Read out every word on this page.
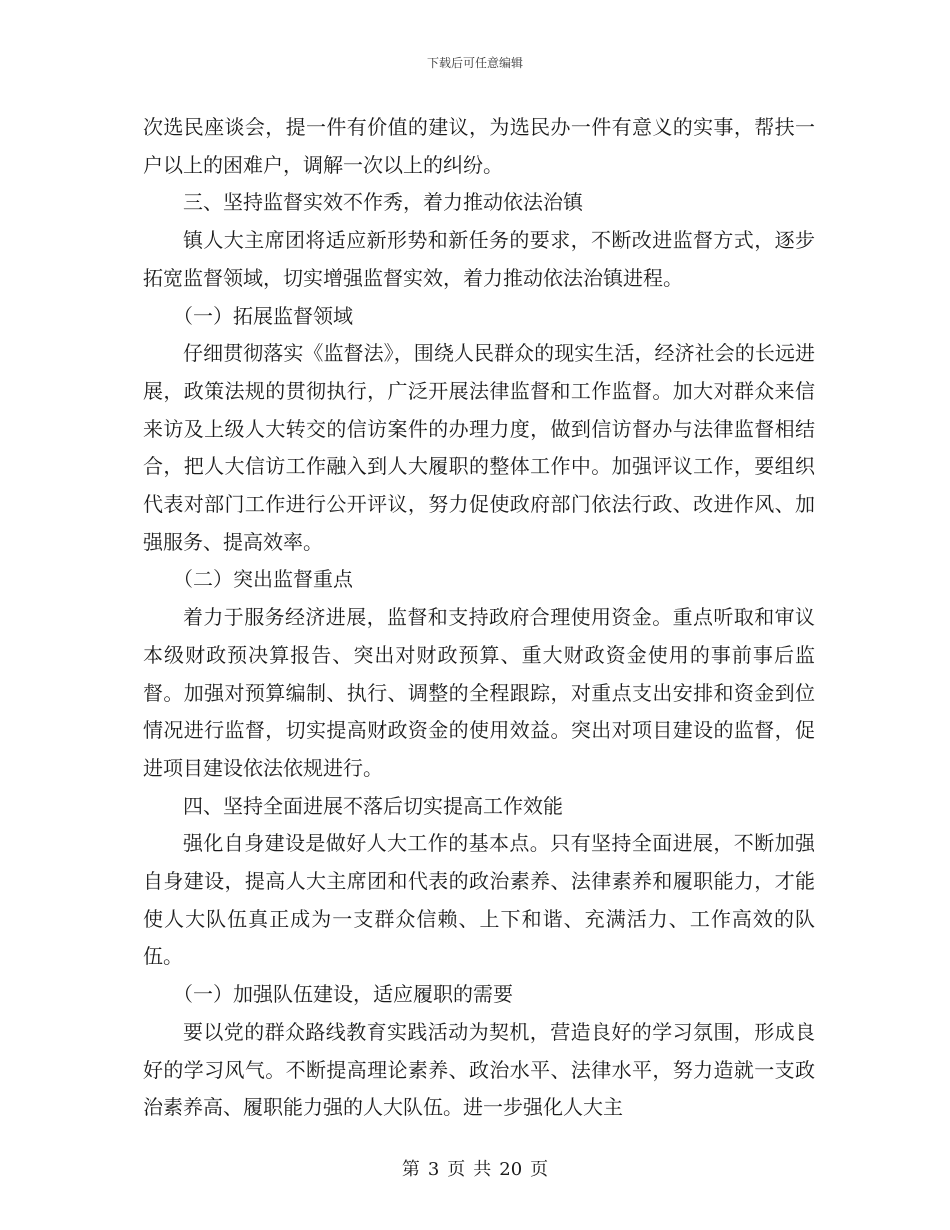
下载后可任意编辑

次选民座谈会，提一件有价值的建议，为选民办一件有意义的实事，帮扶一户以上的困难户，调解一次以上的纠纷。

三、坚持监督实效不作秀，着力推动依法治镇

镇人大主席团将适应新形势和新任务的要求，不断改进监督方式，逐步拓宽监督领域，切实增强监督实效，着力推动依法治镇进程。

（一）拓展监督领域

仔细贯彻落实《监督法》，围绕人民群众的现实生活，经济社会的长远进展，政策法规的贯彻执行，广泛开展法律监督和工作监督。加大对群众来信来访及上级人大转交的信访案件的办理力度，做到信访督办与法律监督相结合，把人大信访工作融入到人大履职的整体工作中。加强评议工作，要组织代表对部门工作进行公开评议，努力促使政府部门依法行政、改进作风、加强服务、提高效率。

（二）突出监督重点

着力于服务经济进展，监督和支持政府合理使用资金。重点听取和审议本级财政预决算报告、突出对财政预算、重大财政资金使用的事前事后监督。加强对预算编制、执行、调整的全程跟踪，对重点支出安排和资金到位情况进行监督，切实提高财政资金的使用效益。突出对项目建设的监督，促进项目建设依法依规进行。

四、坚持全面进展不落后切实提高工作效能

强化自身建设是做好人大工作的基本点。只有坚持全面进展，不断加强自身建设，提高人大主席团和代表的政治素养、法律素养和履职能力，才能使人大队伍真正成为一支群众信赖、上下和谐、充满活力、工作高效的队伍。

（一）加强队伍建设，适应履职的需要

要以党的群众路线教育实践活动为契机，营造良好的学习氛围，形成良好的学习风气。不断提高理论素养、政治水平、法律水平，努力造就一支政治素养高、履职能力强的人大队伍。进一步强化人大主

第 3 页 共 20 页
